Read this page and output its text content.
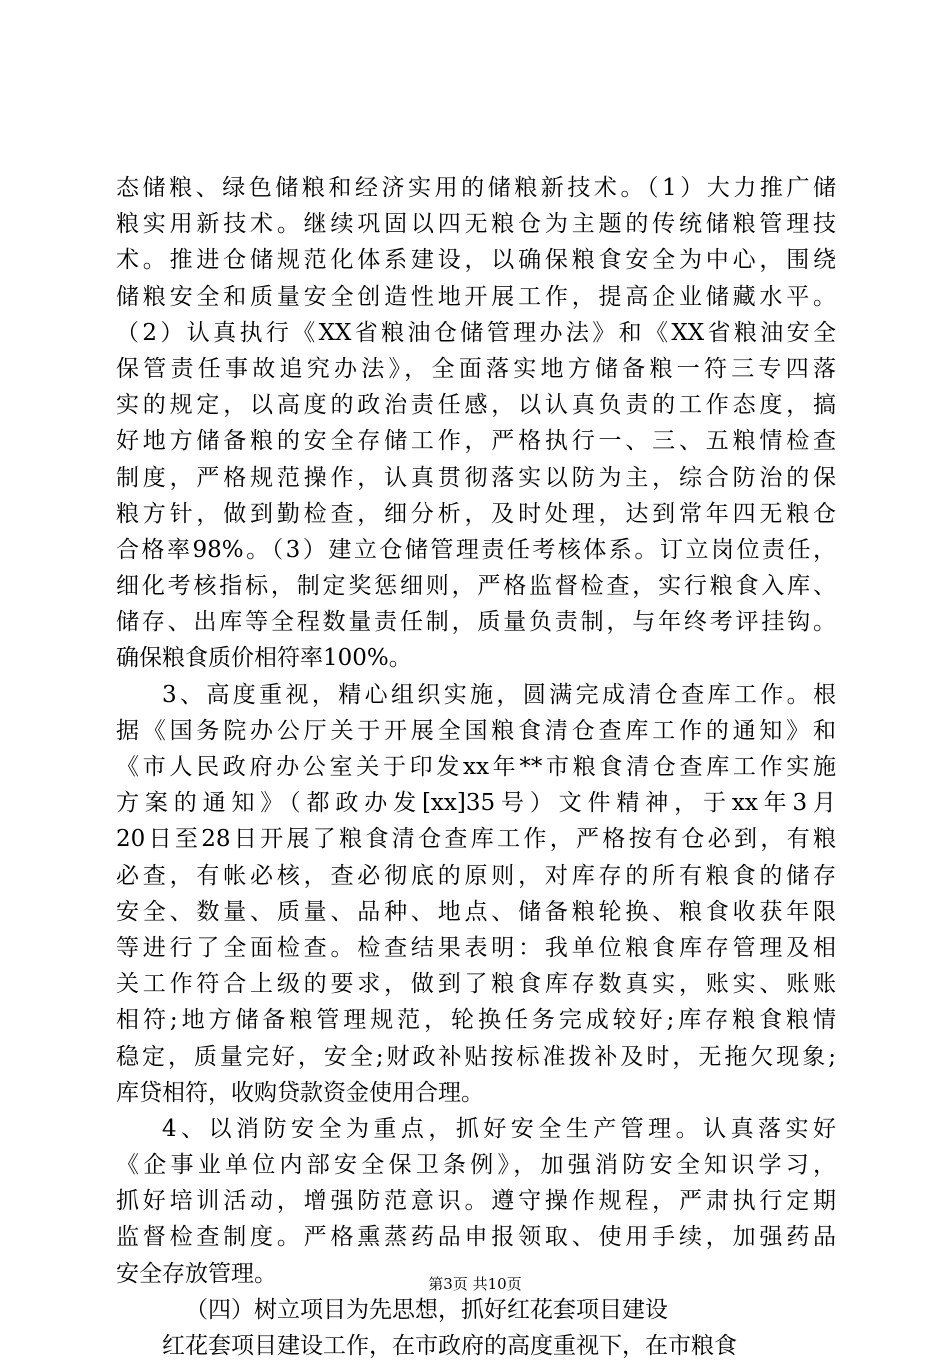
态储粮、绿色储粮和经济实用的储粮新技术。（1）大力推广储
粮实用新技术。继续巩固以四无粮仓为主题的传统储粮管理技
术。推进仓储规范化体系建设，以确保粮食安全为中心，围绕
储粮安全和质量安全创造性地开展工作，提高企业储藏水平。
（2）认真执行《XX省粮油仓储管理办法》和《XX省粮油安全
保管责任事故追究办法》，全面落实地方储备粮一符三专四落
实的规定，以高度的政治责任感，以认真负责的工作态度，搞
好地方储备粮的安全存储工作，严格执行一、三、五粮情检查
制度，严格规范操作，认真贯彻落实以防为主，综合防治的保
粮方针，做到勤检查，细分析，及时处理，达到常年四无粮仓
合格率98%。（3）建立仓储管理责任考核体系。订立岗位责任，
细化考核指标，制定奖惩细则，严格监督检查，实行粮食入库、
储存、出库等全程数量责任制，质量负责制，与年终考评挂钩。
确保粮食质价相符率100%。
3、高度重视，精心组织实施，圆满完成清仓查库工作。根
据《国务院办公厅关于开展全国粮食清仓查库工作的通知》和
《市人民政府办公室关于印发xx年**市粮食清仓查库工作实施
方案的通知》（都政办发[xx]35号）文件精神，于xx年3月
20日至28日开展了粮食清仓查库工作，严格按有仓必到，有粮
必查，有帐必核，查必彻底的原则，对库存的所有粮食的储存
安全、数量、质量、品种、地点、储备粮轮换、粮食收获年限
等进行了全面检查。检查结果表明：我单位粮食库存管理及相
关工作符合上级的要求，做到了粮食库存数真实，账实、账账
相符;地方储备粮管理规范，轮换任务完成较好;库存粮食粮情
稳定，质量完好，安全;财政补贴按标准拨补及时，无拖欠现象;
库贷相符，收购贷款资金使用合理。
4、以消防安全为重点，抓好安全生产管理。认真落实好
《企事业单位内部安全保卫条例》，加强消防安全知识学习，
抓好培训活动，增强防范意识。遵守操作规程，严肃执行定期
监督检查制度。严格熏蒸药品申报领取、使用手续，加强药品
安全存放管理。
（四）树立项目为先思想，抓好红花套项目建设
红花套项目建设工作，在市政府的高度重视下，在市粮食
第3页 共10页
